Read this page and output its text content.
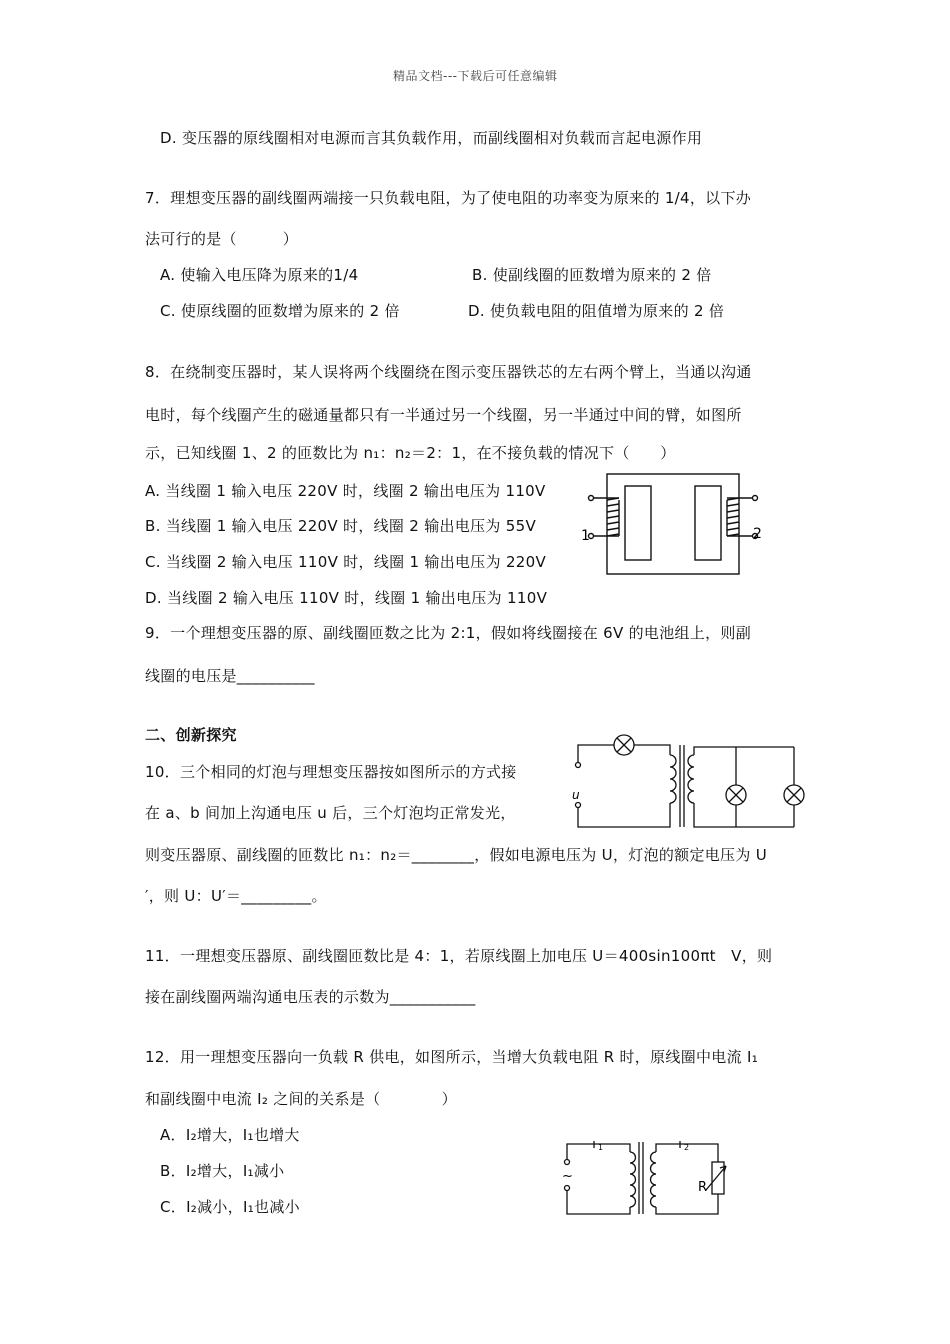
精品文档---下载后可任意编辑
D. 变压器的原线圈相对电源而言其负载作用，而副线圈相对负载而言起电源作用
7．理想变压器的副线圈两端接一只负载电阻，为了使电阻的功率变为原来的 1/4，以下办
法可行的是（　　　）
A. 使输入电压降为原来的1/4	B. 使副线圈的匝数增为原来的 2 倍
C. 使原线圈的匝数增为原来的 2 倍	D. 使负载电阻的阻值增为原来的 2 倍
8．在绕制变压器时，某人误将两个线圈绕在图示变压器铁芯的左右两个臂上，当通以沟通
电时，每个线圈产生的磁通量都只有一半通过另一个线圈，另一半通过中间的臂，如图所
示，已知线圈 1、2 的匝数比为 n₁：n₂＝2：1，在不接负载的情况下（　　）
A. 当线圈 1 输入电压 220V 时，线圈 2 输出电压为 110V
B. 当线圈 1 输入电压 220V 时，线圈 2 输出电压为 55V
C. 当线圈 2 输入电压 110V 时，线圈 1 输出电压为 220V
D. 当线圈 2 输入电压 110V 时，线圈 1 输出电压为 110V
9．一个理想变压器的原、副线圈匝数之比为 2:1，假如将线圈接在 6V 的电池组上，则副
线圈的电压是__________
二、创新探究
10．三个相同的灯泡与理想变压器按如图所示的方式接
在 a、b 间加上沟通电压 u 后，三个灯泡均正常发光，
则变压器原、副线圈的匝数比 n₁：n₂＝________，假如电源电压为 U，灯泡的额定电压为 U
′，则 U：U′＝_________。
11．一理想变压器原、副线圈匝数比是 4：1，若原线圈上加电压 U＝400sin100πt　V，则
接在副线圈两端沟通电压表的示数为___________
12．用一理想变压器向一负载 R 供电，如图所示，当增大负载电阻 R 时，原线圈中电流 I₁
和副线圈中电流 I₂ 之间的关系是（　　　　）
A．I₂增大，I₁也增大
B．I₂增大，I₁减小
C．I₂减小，I₁也减小
1	2
u
1	2
R
~
